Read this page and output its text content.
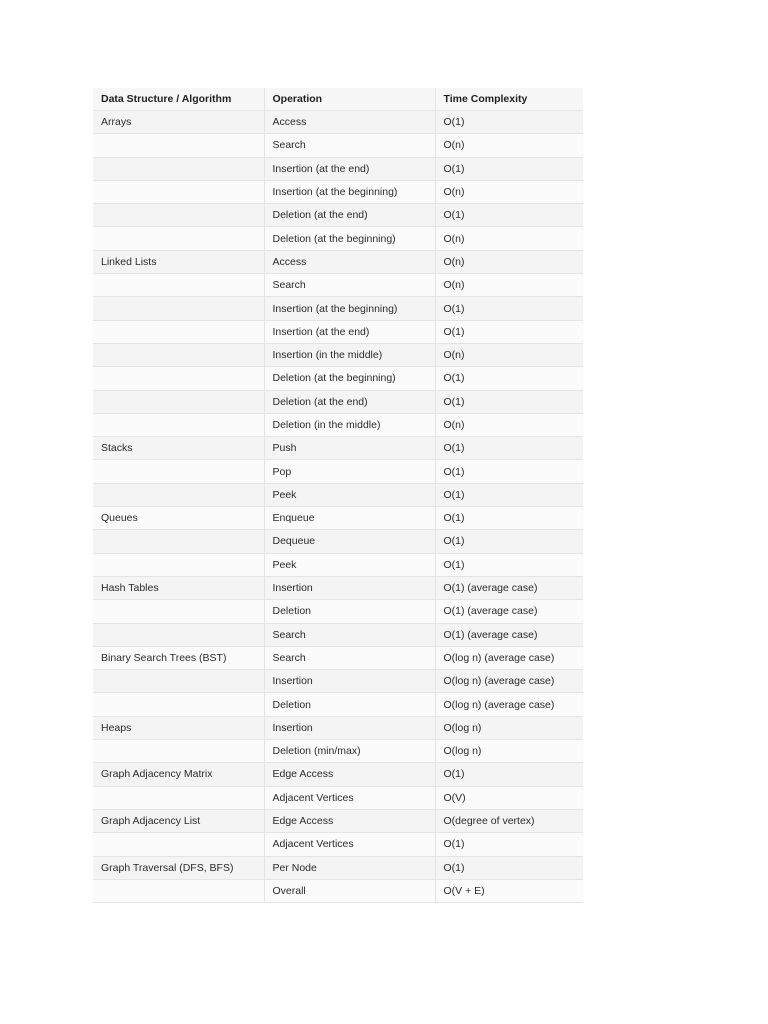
Data Structure / Algorithm	Operation	Time Complexity
Arrays	Access	O(1)
	Search	O(n)
	Insertion (at the end)	O(1)
	Insertion (at the beginning)	O(n)
	Deletion (at the end)	O(1)
	Deletion (at the beginning)	O(n)
Linked Lists	Access	O(n)
	Search	O(n)
	Insertion (at the beginning)	O(1)
	Insertion (at the end)	O(1)
	Insertion (in the middle)	O(n)
	Deletion (at the beginning)	O(1)
	Deletion (at the end)	O(1)
	Deletion (in the middle)	O(n)
Stacks	Push	O(1)
	Pop	O(1)
	Peek	O(1)
Queues	Enqueue	O(1)
	Dequeue	O(1)
	Peek	O(1)
Hash Tables	Insertion	O(1) (average case)
	Deletion	O(1) (average case)
	Search	O(1) (average case)
Binary Search Trees (BST)	Search	O(log n) (average case)
	Insertion	O(log n) (average case)
	Deletion	O(log n) (average case)
Heaps	Insertion	O(log n)
	Deletion (min/max)	O(log n)
Graph Adjacency Matrix	Edge Access	O(1)
	Adjacent Vertices	O(V)
Graph Adjacency List	Edge Access	O(degree of vertex)
	Adjacent Vertices	O(1)
Graph Traversal (DFS, BFS)	Per Node	O(1)
	Overall	O(V + E)
